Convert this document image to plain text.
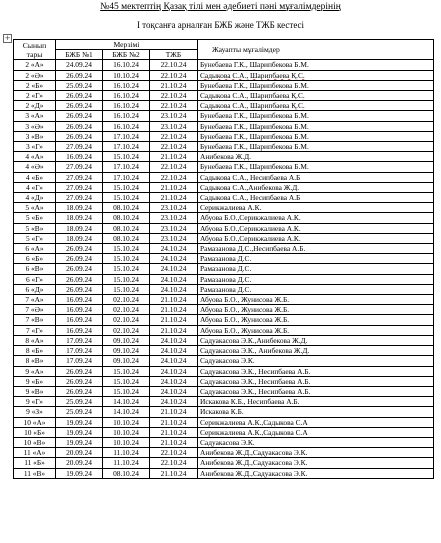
№45 мектептің Қазақ тілі мен әдебиеті пәні мұғалімдерінің
I тоқсанға арналған БЖБ және ТЖБ кестесі
+
Сынып тары	Мерзімі			Жауапты мұғалімдер
	БЖБ №1	БЖБ №2	ТЖБ	
2 «А»	24.09.24	16.10.24	22.10.24	Бунебаева Г.К., Шарипбекова Б.М.
2 «Ә»	26.09.24	10.10.24	22.10.24	Садыкова С.А., Шарипбаева Қ.С.
2 «Б»	25.09.24	16.10.24	21.10.24	Бунебаева Г.К., Шарипбекова Б.М.
2 «Г»	26.09.24	16.10.24	22.10.24	Садыкова С.А., Шарипбаева Қ.С.
2 «Д»	26.09.24	16.10.24	22.10.24	Садыкова С.А., Шарипбаева Қ.С.
3 «А»	26.09.24	16.10.24	23.10.24	Бунебаева Г.К., Шарипбекова Б.М.
3 «Ә»	26.09.24	16.10.24	23.10.24	Бунебаева Г.К., Шарипбекова Б.М.
3 «В»	26.09.24	17.10.24	22.10.24	Бунебаева Г.К., Шарипбекова Б.М.
3 «Г»	27.09.24	17.10.24	22.10.24	Бунебаева Г.К., Шарипбекова Б.М.
4 «А»	16.09.24	15.10.24	21.10.24	Анибекова Ж.Д.
4 «Ә»	27.09.24	17.10.24	22.10.24	Бунебаева Г.К., Шарипбекова Б.М.
4 «Б»	27.09.24	17.10.24	22.10.24	Садыкова С.А., Несипбаева А.Б
4 «Г»	27.09.24	15.10.24	21.10.24	Садыкова С.А.,Анибекова Ж.Д.
4 «Д»	27.09.24	15.10.24	21.10.24	Садыкова С.А., Несипбаева А.Б
5 «А»	18.09.24	08.10.24	23.10.24	Серикжалиева А.К.
5 «Б»	18.09.24	08.10.24	23.10.24	Абуова Б.О.,Серикжалиева А.К.
5 «В»	18.09.24	08.10.24	23.10.24	Абуова Б.О.,Серикжалиева А.К.
5 «Г»	18.09.24	08.10.24	23.10.24	Абуова Б.О.,Серикжалиева А.К.
6 «А»	26.09.24	15.10.24	24.10.24	Рамазанова Д.С.,Несипбаева А.Б.
6 «Б»	26.09.24	15.10.24	24.10.24	Рамазанова Д.С.
6 «В»	26.09.24	15.10.24	24.10.24	Рамазанова Д.С.
6 «Г»	26.09.24	15.10.24	24.10.24	Рамазанова Д.С.
6 «Д»	26.09.24	15.10.24	24.10.24	Рамазанова Д.С.
7 «А»	16.09.24	02.10.24	21.10.24	Абуова Б.О., Жунисова Ж.Б.
7 «Ә»	16.09.24	02.10.24	21.10.24	Абуова Б.О., Жунисова Ж.Б.
7 «В»	16.09.24	02.10.24	21.10.24	Абуова Б.О., Жунисова Ж.Б.
7 «Г»	16.09.24	02.10.24	21.10.24	Абуова Б.О., Жунисова Ж.Б.
8 «А»	17.09.24	09.10.24	24.10.24	Садуакасова Э.К.,Анибекова Ж.Д.
8 «Б»	17.09.24	09.10.24	24.10.24	Садуакасова Э.К., Анибекова Ж.Д.
8 «В»	17.09.24	09.10.24	24.10.24	Садуакасова Э.К.
9 «А»	26.09.24	15.10.24	24.10.24	Садуакасова Э.К., Несипбаева А.Б.
9 «Б»	26.09.24	15.10.24	24.10.24	Садуакасова Э.К., Несипбаева А.Б.
9 «В»	26.09.24	15.10.24	24.10.24	Садуакасова Э.К., Несипбаева А.Б.
9 «Г»	25.09.24	14.10.24	24.10.24	Искакова К.Б., Несипбаева А.Б.
9 «З»	25.09.24	14.10.24	21.10.24	Искакова К.Б.
10 «А»	19.09.24	10.10.24	21.10.24	Серикжалиева А.К.,Садыкова С.А
10 «Б»	19.09.24	10.10.24	21.10.24	Серикжалиева А.К.,Садыкова С.А
10 «В»	19.09.24	10.10.24	21.10.24	Садуакасова Э.К.
11 «А»	20.09.24	11.10.24	22.10.24	Анибекова Ж.Д.,Садуакасова Э.К.
11 «Б»	20.09.24	11.10.24	22.10.24	Анибекова Ж.Д.,Садуакасова Э.К.
11 «В»	19.09.24	08.10.24	21.10.24	Анибекова Ж.Д.,Садуакасова Э.К.
